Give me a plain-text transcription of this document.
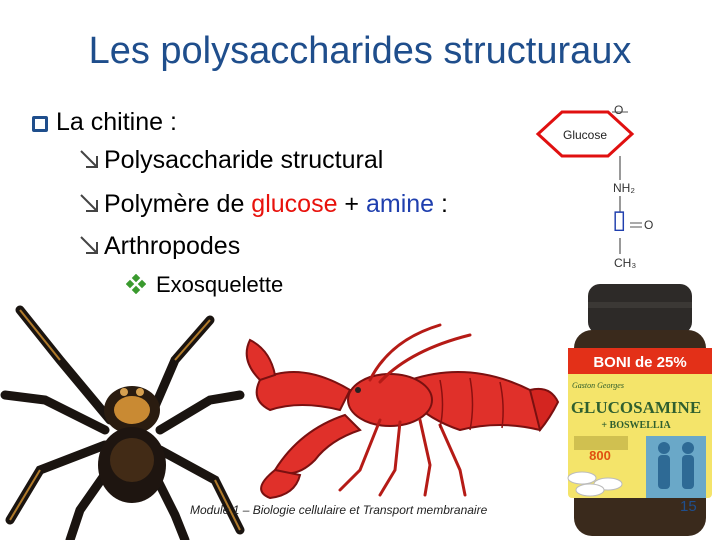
Les polysaccharides structuraux
La chitine :
Polysaccharide structural
Polymère de glucose + amine :
Arthropodes
Exosquelette
O
Glucose
NH₂
▯ O
CH₃
BONI de 25%
Gaston Georges
GLUCOSAMINE
+ BOSWELLIA
800
Module 1 – Biologie cellulaire et Transport membranaire	15
